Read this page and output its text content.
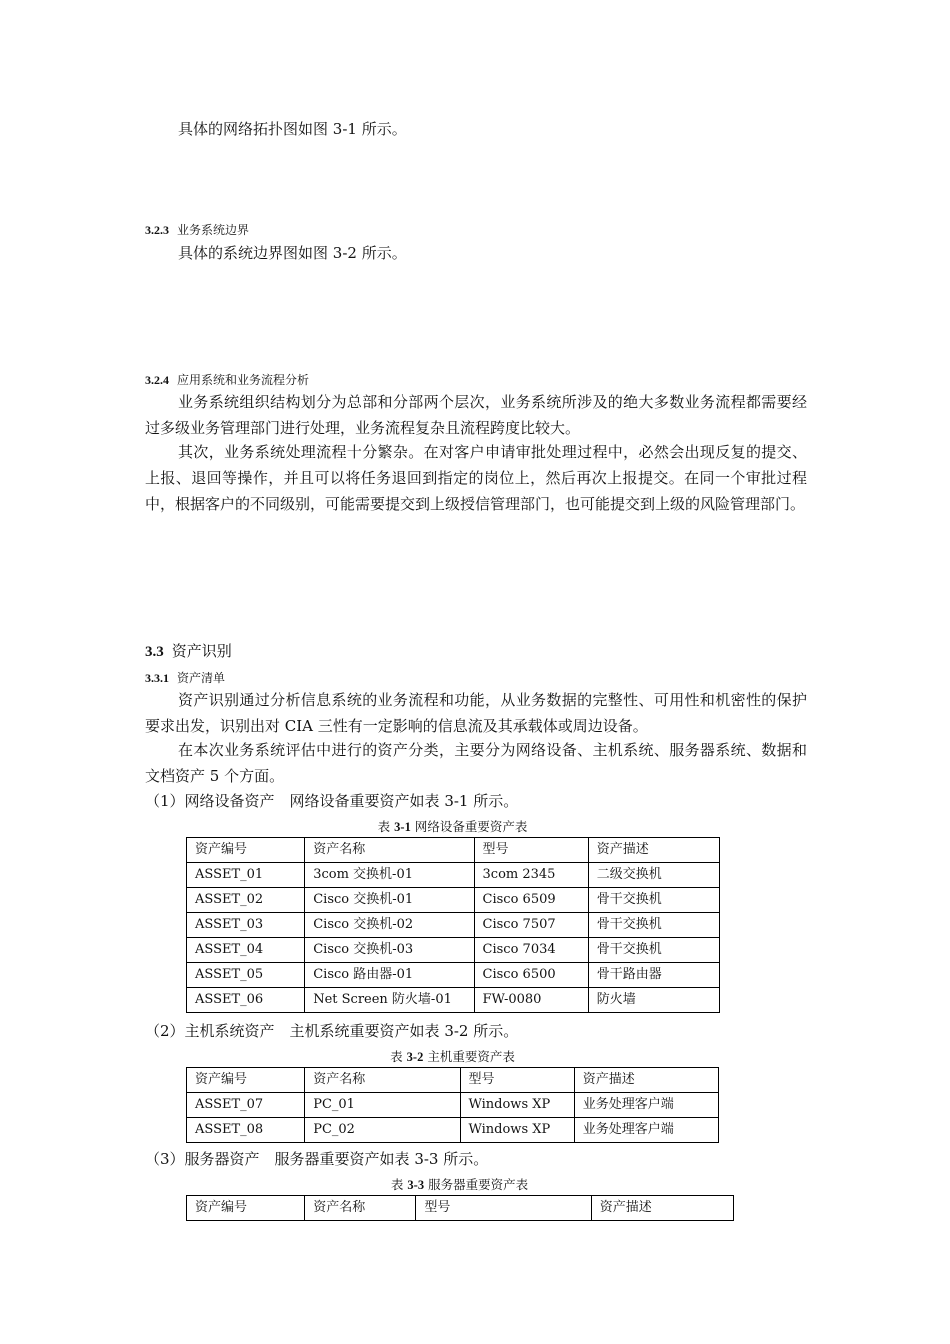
具体的网络拓扑图如图 3-1 所示。

3.2.3 业务系统边界

具体的系统边界图如图 3-2 所示。

3.2.4 应用系统和业务流程分析

业务系统组织结构划分为总部和分部两个层次，业务系统所涉及的绝大多数业务流程都需要经过多级业务管理部门进行处理，业务流程复杂且流程跨度比较大。

其次，业务系统处理流程十分繁杂。在对客户申请审批处理过程中，必然会出现反复的提交、上报、退回等操作，并且可以将任务退回到指定的岗位上，然后再次上报提交。在同一个审批过程中，根据客户的不同级别，可能需要提交到上级授信管理部门，也可能提交到上级的风险管理部门。

3.3 资产识别
3.3.1 资产清单

资产识别通过分析信息系统的业务流程和功能，从业务数据的完整性、可用性和机密性的保护要求出发，识别出对 CIA 三性有一定影响的信息流及其承载体或周边设备。

在本次业务系统评估中进行的资产分类，主要分为网络设备、主机系统、服务器系统、数据和文档资产 5 个方面。

（1）网络设备资产　网络设备重要资产如表 3-1 所示。

表 3-1 网络设备重要资产表
资产编号	资产名称	型号	资产描述
ASSET_01	3com 交换机-01	3com 2345	二级交换机
ASSET_02	Cisco 交换机-01	Cisco 6509	骨干交换机
ASSET_03	Cisco 交换机-02	Cisco 7507	骨干交换机
ASSET_04	Cisco 交换机-03	Cisco 7034	骨干交换机
ASSET_05	Cisco 路由器-01	Cisco 6500	骨干路由器
ASSET_06	Net Screen 防火墙-01	FW-0080	防火墙

（2）主机系统资产　主机系统重要资产如表 3-2 所示。

表 3-2 主机重要资产表
资产编号	资产名称	型号	资产描述
ASSET_07	PC_01	Windows XP	业务处理客户端
ASSET_08	PC_02	Windows XP	业务处理客户端

（3）服务器资产　服务器重要资产如表 3-3 所示。

表 3-3 服务器重要资产表
资产编号	资产名称	型号	资产描述
